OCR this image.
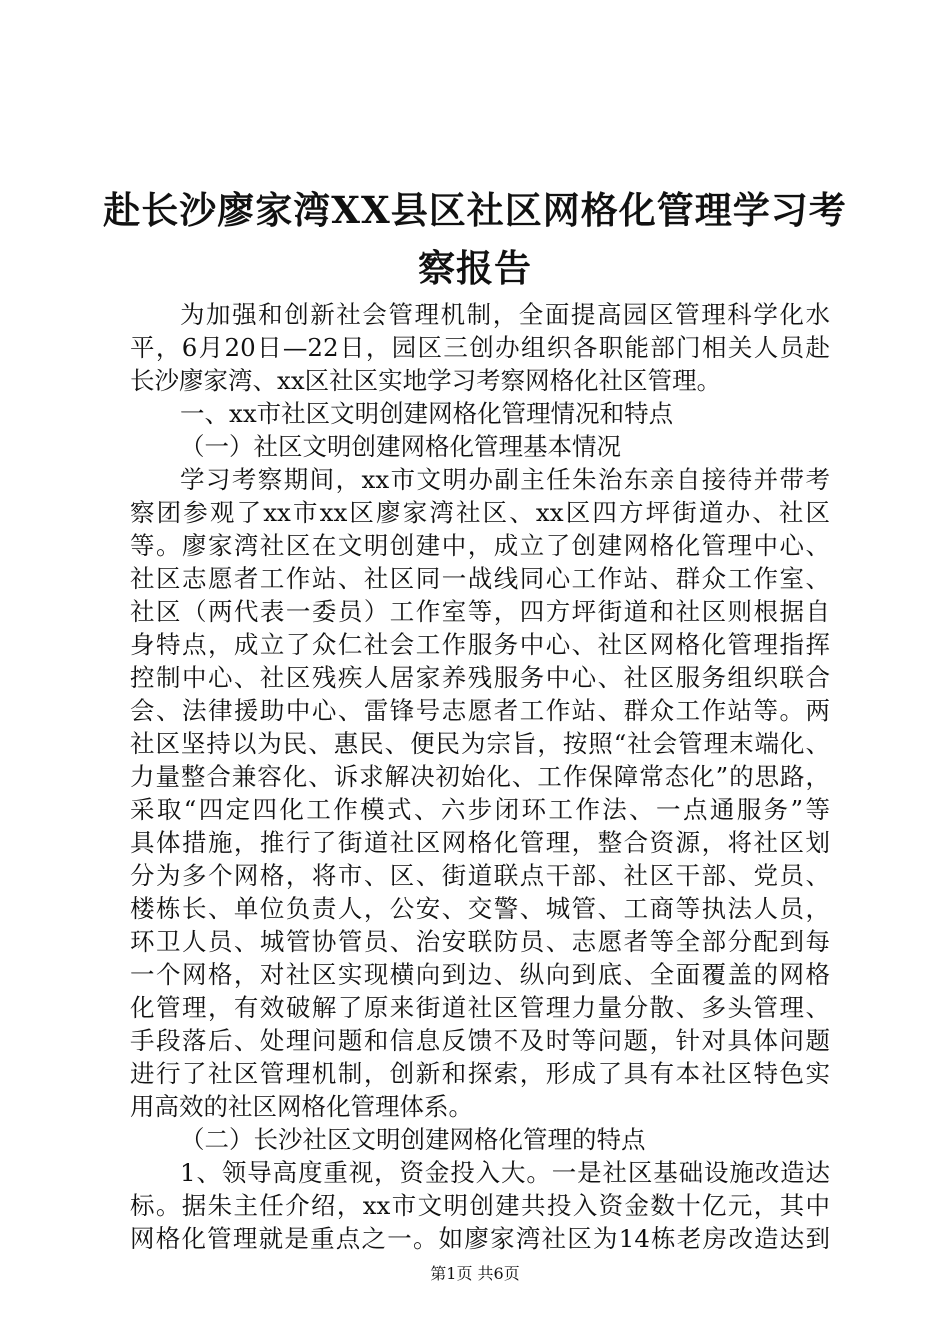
赴长沙廖家湾XX县区社区网格化管理学习考
察报告
为加强和创新社会管理机制，全面提高园区管理科学化水
平，6月20日—22日，园区三创办组织各职能部门相关人员赴
长沙廖家湾、xx区社区实地学习考察网格化社区管理。
一、xx市社区文明创建网格化管理情况和特点
（一）社区文明创建网格化管理基本情况
学习考察期间，xx市文明办副主任朱治东亲自接待并带考
察团参观了xx市xx区廖家湾社区、xx区四方坪街道办、社区
等。廖家湾社区在文明创建中，成立了创建网格化管理中心、
社区志愿者工作站、社区同一战线同心工作站、群众工作室、
社区（两代表一委员）工作室等，四方坪街道和社区则根据自
身特点，成立了众仁社会工作服务中心、社区网格化管理指挥
控制中心、社区残疾人居家养残服务中心、社区服务组织联合
会、法律援助中心、雷锋号志愿者工作站、群众工作站等。两
社区坚持以为民、惠民、便民为宗旨，按照“社会管理末端化、
力量整合兼容化、诉求解决初始化、工作保障常态化”的思路，
采取“四定四化工作模式、六步闭环工作法、一点通服务”等
具体措施，推行了街道社区网格化管理，整合资源，将社区划
分为多个网格，将市、区、街道联点干部、社区干部、党员、
楼栋长、单位负责人，公安、交警、城管、工商等执法人员，
环卫人员、城管协管员、治安联防员、志愿者等全部分配到每
一个网格，对社区实现横向到边、纵向到底、全面覆盖的网格
化管理，有效破解了原来街道社区管理力量分散、多头管理、
手段落后、处理问题和信息反馈不及时等问题，针对具体问题
进行了社区管理机制，创新和探索，形成了具有本社区特色实
用高效的社区网格化管理体系。
（二）长沙社区文明创建网格化管理的特点
1、领导高度重视，资金投入大。一是社区基础设施改造达
标。据朱主任介绍，xx市文明创建共投入资金数十亿元，其中
网格化管理就是重点之一。如廖家湾社区为14栋老房改造达到
第1页 共6页
